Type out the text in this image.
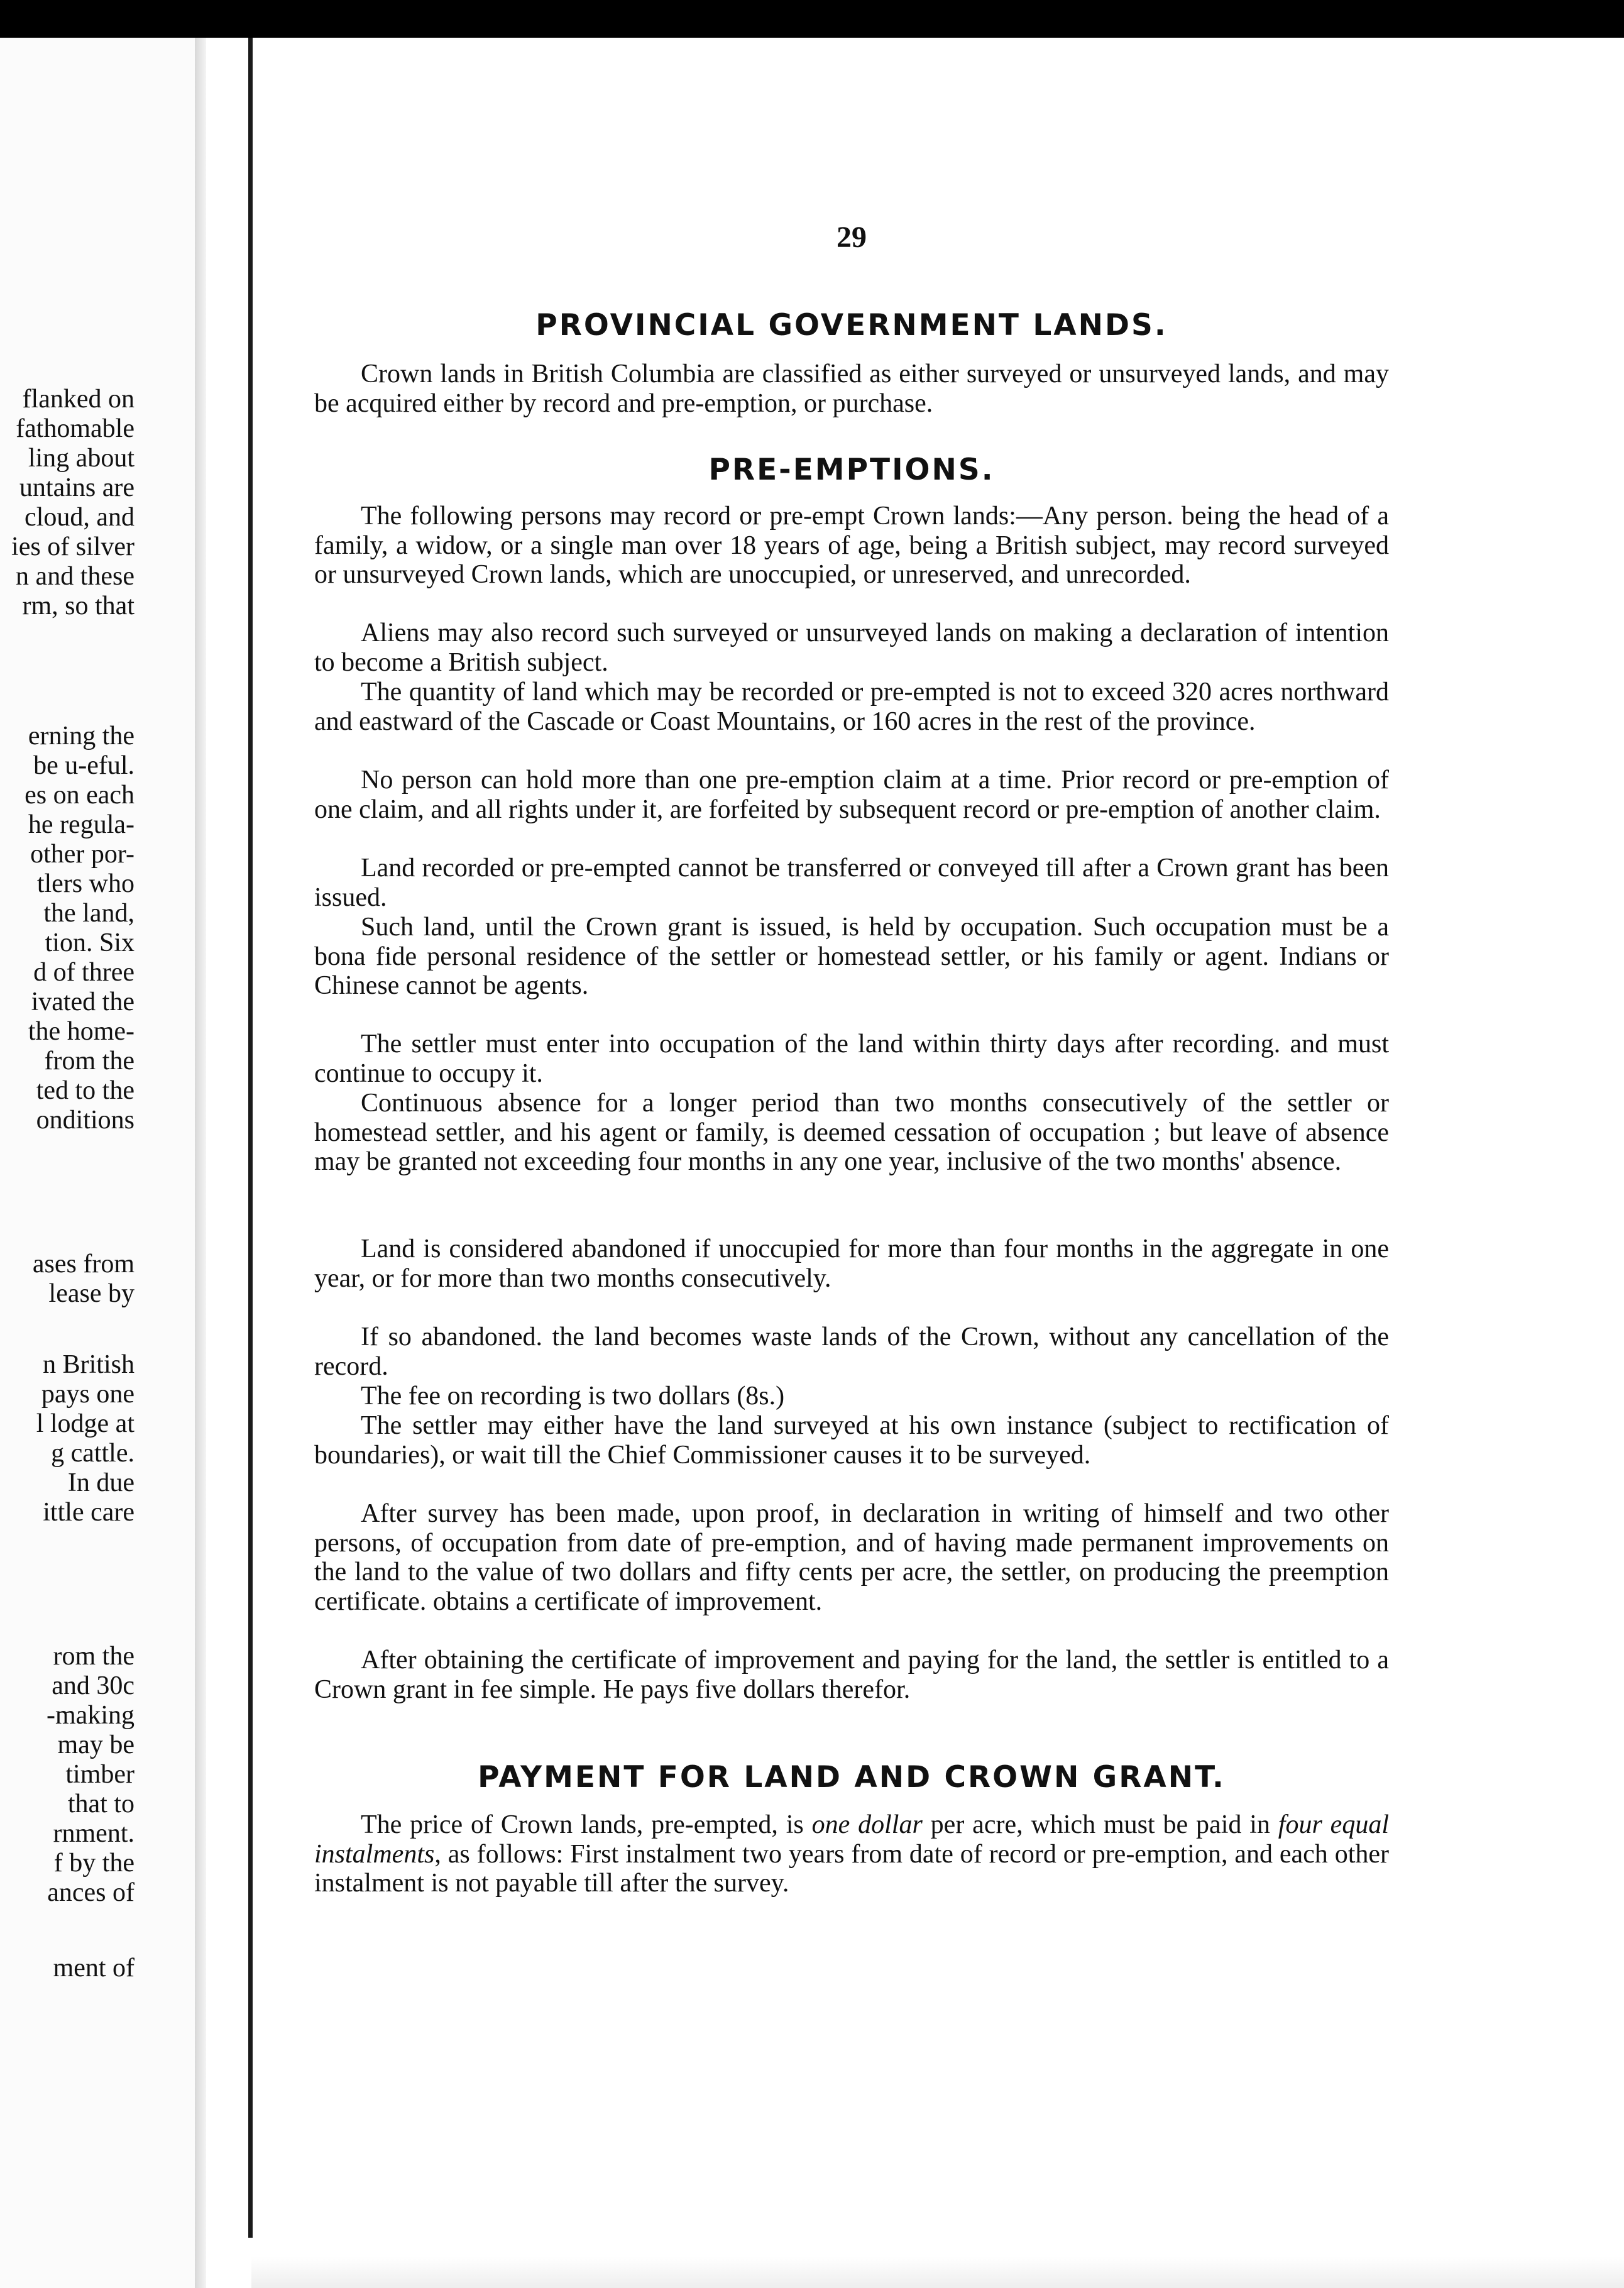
flanked on

fathomable

ling about

untains are

cloud, and

ies of silver

n and these

rm, so that

erning the

be u-eful.

es on each

he regula-

other por-

tlers who

the land,

tion. Six

d of three

ivated the

the home-

from the

ted to the

onditions

ases from

lease by

n British

pays one

l lodge at

g cattle.

In due

ittle care

rom the

and 30c

-making

may be

timber

that to

rnment.

f by the

ances of

ment of

29
PROVINCIAL GOVERNMENT LANDS.

Crown lands in British Columbia are classified as either surveyed or unsurveyed lands, and may be acquired either by record and pre-emption, or purchase.

PRE-EMPTIONS.

The following persons may record or pre-empt Crown lands:—Any person. being the head of a family, a widow, or a single man over 18 years of age, being a British subject, may record surveyed or unsurveyed Crown lands, which are unoccupied, or unreserved, and unrecorded.

Aliens may also record such surveyed or unsurveyed lands on making a declaration of intention to become a British subject.

The quantity of land which may be recorded or pre-empted is not to exceed 320 acres northward and eastward of the Cascade or Coast Mountains, or 160 acres in the rest of the province.

No person can hold more than one pre-emption claim at a time. Prior record or pre-emption of one claim, and all rights under it, are forfeited by subsequent record or pre-emption of another claim.

Land recorded or pre-empted cannot be transferred or conveyed till after a Crown grant has been issued.

Such land, until the Crown grant is issued, is held by occupation. Such occupation must be a bona fide personal residence of the settler or homestead settler, or his family or agent. Indians or Chinese cannot be agents.

The settler must enter into occupation of the land within thirty days after recording. and must continue to occupy it.

Continuous absence for a longer period than two months consecutively of the settler or homestead settler, and his agent or family, is deemed cessation of occupation ; but leave of absence may be granted not exceeding four months in any one year, inclusive of the two months' absence.

Land is considered abandoned if unoccupied for more than four months in the aggregate in one year, or for more than two months consecutively.

If so abandoned. the land becomes waste lands of the Crown, without any cancellation of the record.

The fee on recording is two dollars (8s.)

The settler may either have the land surveyed at his own instance (subject to rectification of boundaries), or wait till the Chief Commissioner causes it to be surveyed.

After survey has been made, upon proof, in declaration in writing of himself and two other persons, of occupation from date of pre-emption, and of having made permanent improvements on the land to the value of two dollars and fifty cents per acre, the settler, on producing the preemption certificate. obtains a certificate of improvement.

After obtaining the certificate of improvement and paying for the land, the settler is entitled to a Crown grant in fee simple. He pays five dollars therefor.

PAYMENT FOR LAND AND CROWN GRANT.

The price of Crown lands, pre-empted, is one dollar per acre, which must be paid in four equal instalments, as follows: First instalment two years from date of record or pre-emption, and each other instalment is not payable till after the survey.
